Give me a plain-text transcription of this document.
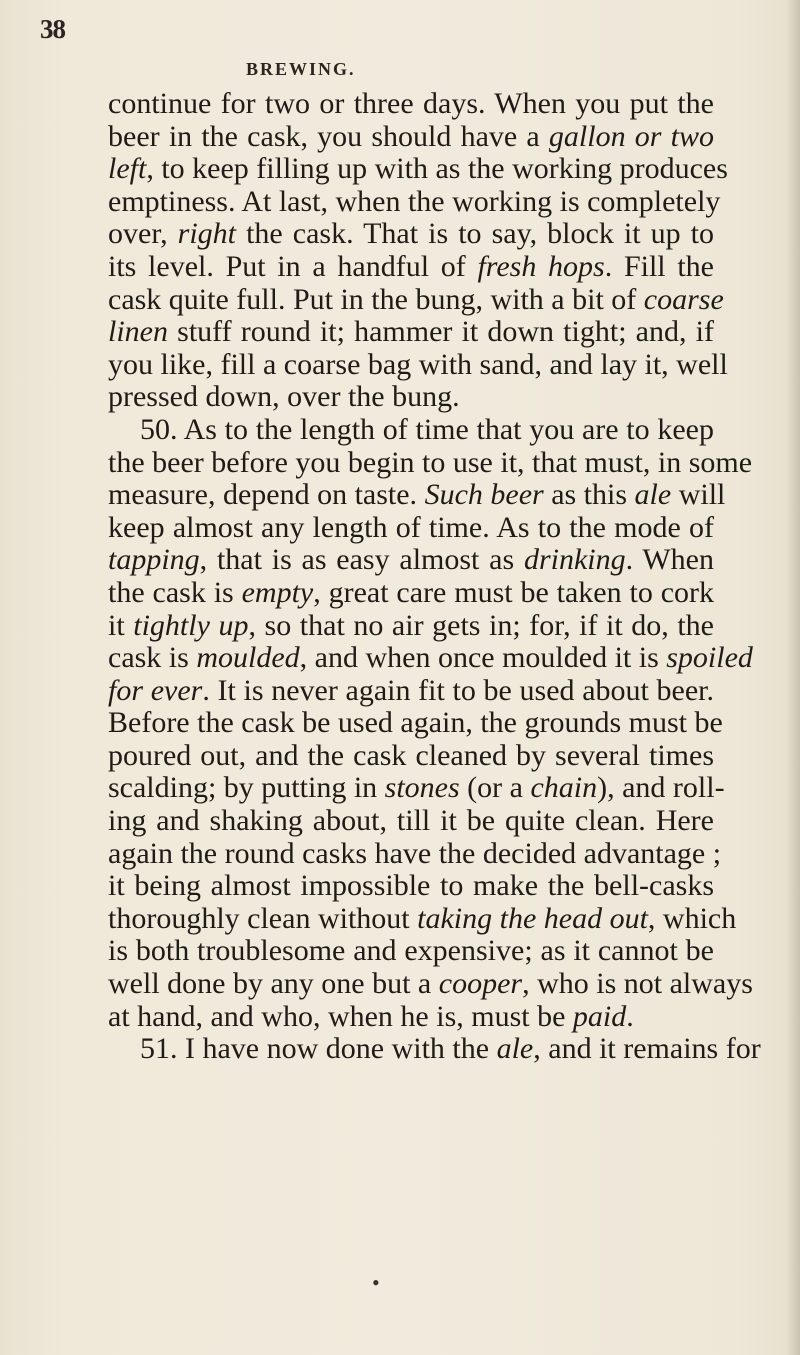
38
BREWING.

continue for two or three days. When you put the
beer in the cask, you should have a gallon or two
left, to keep filling up with as the working produces
emptiness. At last, when the working is completely
over, right the cask. That is to say, block it up to
its level. Put in a handful of fresh hops. Fill the
cask quite full. Put in the bung, with a bit of coarse
linen stuff round it; hammer it down tight; and, if
you like, fill a coarse bag with sand, and lay it, well
pressed down, over the bung.

50. As to the length of time that you are to keep
the beer before you begin to use it, that must, in some
measure, depend on taste. Such beer as this ale will
keep almost any length of time. As to the mode of
tapping, that is as easy almost as drinking. When
the cask is empty, great care must be taken to cork
it tightly up, so that no air gets in; for, if it do, the
cask is moulded, and when once moulded it is spoiled
for ever. It is never again fit to be used about beer.
Before the cask be used again, the grounds must be
poured out, and the cask cleaned by several times
scalding; by putting in stones (or a chain), and roll-
ing and shaking about, till it be quite clean. Here
again the round casks have the decided advantage ;
it being almost impossible to make the bell-casks
thoroughly clean without taking the head out, which
is both troublesome and expensive; as it cannot be
well done by any one but a cooper, who is not always
at hand, and who, when he is, must be paid.

51. I have now done with the ale, and it remains for

•
